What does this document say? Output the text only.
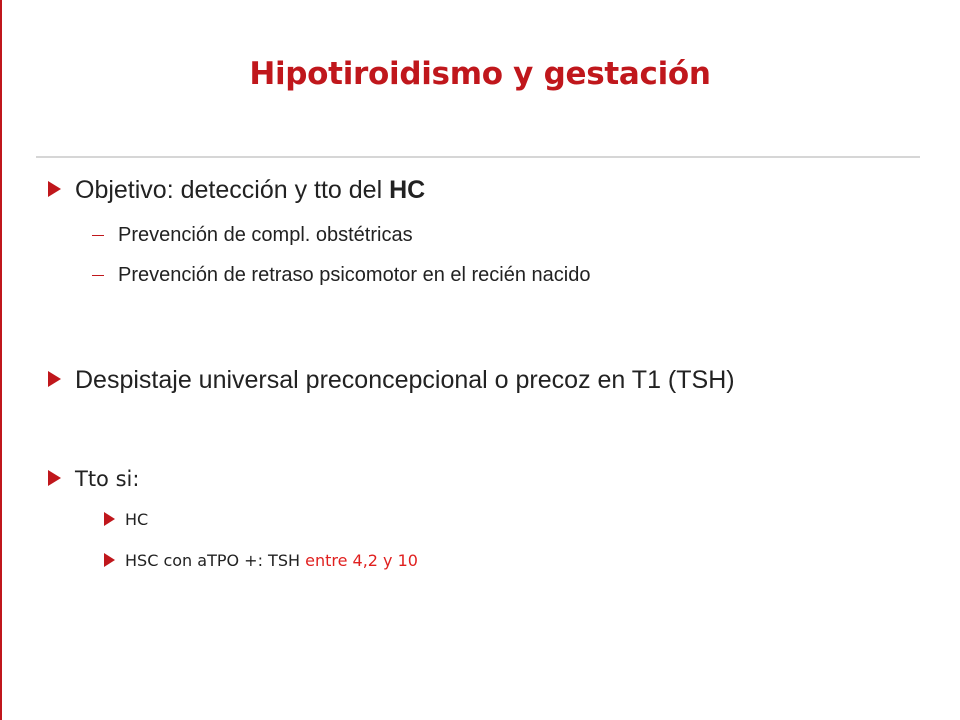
Hipotiroidismo y gestación
Objetivo: detección y tto del HC
Prevención de compl. obstétricas
Prevención de retraso psicomotor en el recién nacido
Despistaje universal preconcepcional o precoz en T1 (TSH)
Tto si:
HC
HSC con aTPO +: TSH entre 4,2 y 10
